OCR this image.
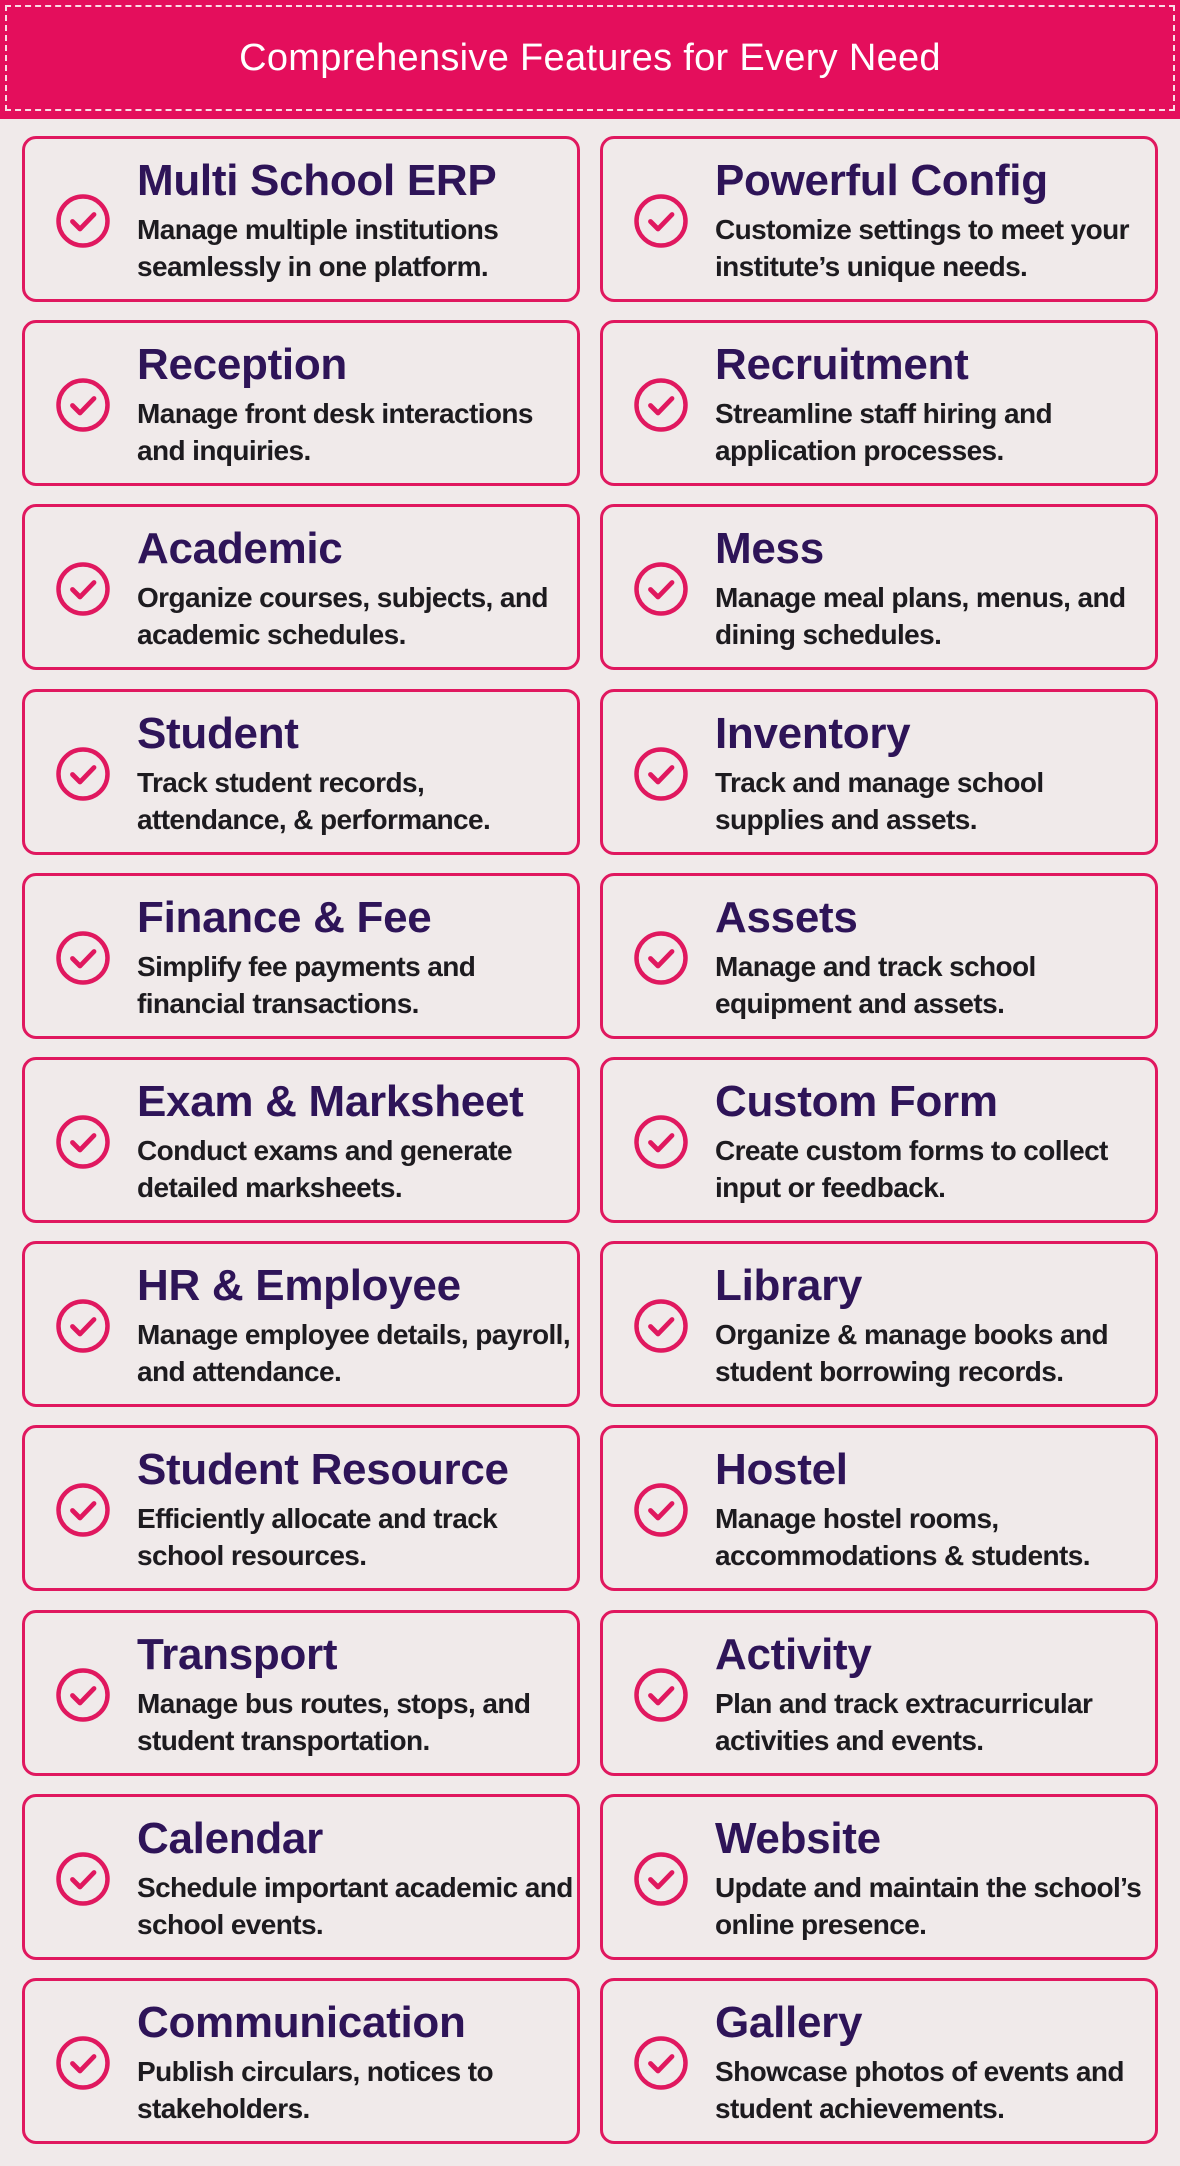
Comprehensive Features for Every Need
Multi School ERP
Manage multiple institutions seamlessly in one platform.
Powerful Config
Customize settings to meet your institute’s unique needs.
Reception
Manage front desk interactions and inquiries.
Recruitment
Streamline staff hiring and application processes.
Academic
Organize courses, subjects, and academic schedules.
Mess
Manage meal plans, menus, and dining schedules.
Student
Track student records, attendance, & performance.
Inventory
Track and manage school supplies and assets.
Finance & Fee
Simplify fee payments and financial transactions.
Assets
Manage and track school equipment and assets.
Exam & Marksheet
Conduct exams and generate detailed marksheets.
Custom Form
Create custom forms to collect input or feedback.
HR & Employee
Manage employee details, payroll, and attendance.
Library
Organize & manage books and student borrowing records.
Student Resource
Efficiently allocate and track school resources.
Hostel
Manage hostel rooms, accommodations & students.
Transport
Manage bus routes, stops, and student transportation.
Activity
Plan and track extracurricular activities and events.
Calendar
Schedule important academic and school events.
Website
Update and maintain the school’s online presence.
Communication
Publish circulars, notices to stakeholders.
Gallery
Showcase photos of events and student achievements.
